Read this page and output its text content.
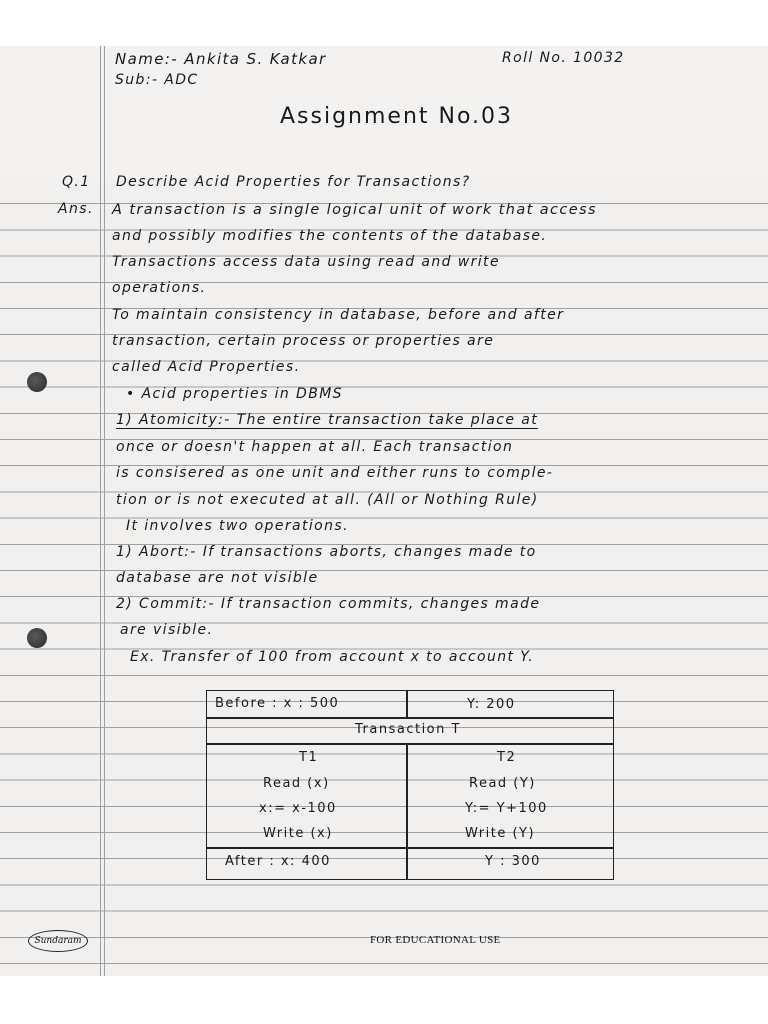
Name:- Ankita S. Katkar
Sub:- ADC
Roll No. 10032
Assignment No.03
Q.1 Describe Acid Properties for Transactions?
Ans. A transaction is a single logical unit of work that access
and possibly modifies the contents of the database.
Transactions access data using read and write
operations.
To maintain consistency in database, before and after
transaction, certain process or properties are
called Acid Properties.
• Acid properties in DBMS
1) Atomicity:- The entire transaction take place at
once or doesn't happen at all. Each transaction
is consisered as one unit and either runs to comple-
tion or is not executed at all. (All or Nothing Rule)
It involves two operations.
1) Abort:- If transactions aborts, changes made to
database are not visible
2) Commit:- If transaction commits, changes made
are visible.
Ex. Transfer of 100 from account x to account Y.
Before : x : 500	Y: 200
Transaction T
T1	T2
Read (x)	Read (Y)
x:= x-100	Y:= Y+100
Write (x)	Write (Y)
After : x: 400	Y : 300
Sundaram	FOR EDUCATIONAL USE
